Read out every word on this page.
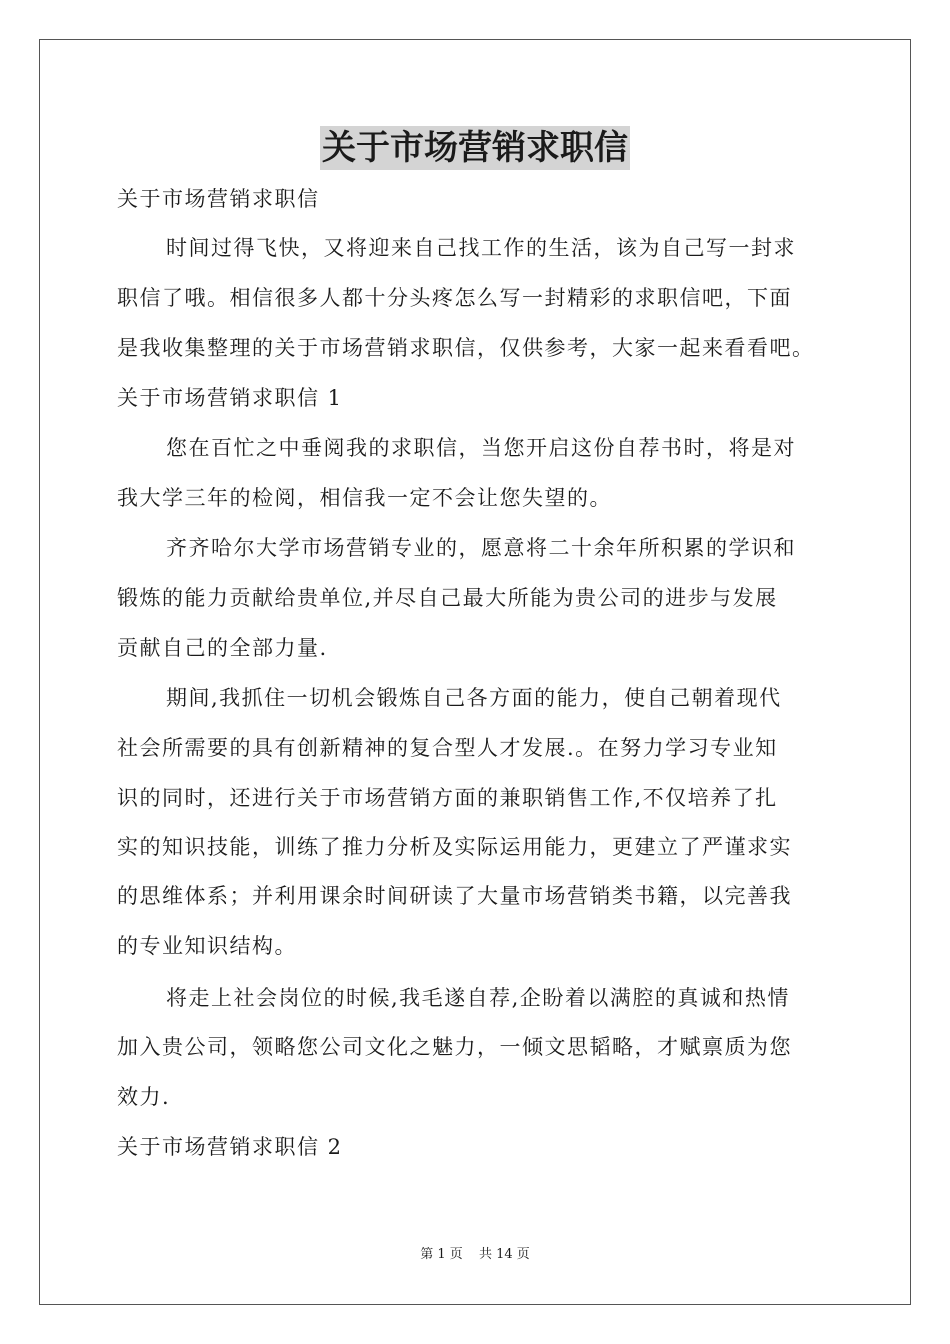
关于市场营销求职信
关于市场营销求职信
时间过得飞快，又将迎来自己找工作的生活，该为自己写一封求
职信了哦。相信很多人都十分头疼怎么写一封精彩的求职信吧，下面
是我收集整理的关于市场营销求职信，仅供参考，大家一起来看看吧。
关于市场营销求职信 1
您在百忙之中垂阅我的求职信，当您开启这份自荐书时，将是对
我大学三年的检阅，相信我一定不会让您失望的。
齐齐哈尔大学市场营销专业的，愿意将二十余年所积累的学识和
锻炼的能力贡献给贵单位,并尽自己最大所能为贵公司的进步与发展
贡献自己的全部力量.
期间,我抓住一切机会锻炼自己各方面的能力，使自己朝着现代
社会所需要的具有创新精神的复合型人才发展.。在努力学习专业知
识的同时，还进行关于市场营销方面的兼职销售工作,不仅培养了扎
实的知识技能，训练了推力分析及实际运用能力，更建立了严谨求实
的思维体系；并利用课余时间研读了大量市场营销类书籍，以完善我
的专业知识结构。
将走上社会岗位的时候,我毛遂自荐,企盼着以满腔的真诚和热情
加入贵公司，领略您公司文化之魅力，一倾文思韬略，才赋禀质为您
效力.
关于市场营销求职信 2
第 1 页 共 14 页
